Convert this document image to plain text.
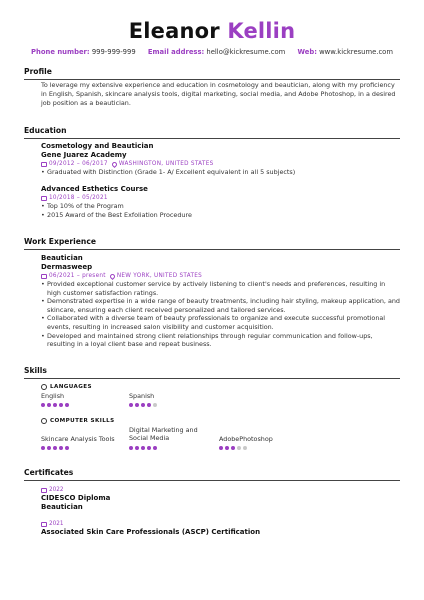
Eleanor Kellin
Phone number: 999-999-999 Email address: hello@kickresume.com Web: www.kickresume.com
Profile
To leverage my extensive experience and education in cosmetology and beautician, along with my proficiency in English, Spanish, skincare analysis tools, digital marketing, social media, and Adobe Photoshop, in a desired job position as a beautician.
Education
Cosmetology and Beautician
Gene Juarez Academy
09/2012 – 06/2017 WASHINGTON, UNITED STATES
• Graduated with Distinction (Grade 1- A/ Excellent equivalent in all 5 subjects)
Advanced Esthetics Course
10/2018 – 05/2021
• Top 10% of the Program
• 2015 Award of the Best Exfoliation Procedure
Work Experience
Beautician
Dermasweep
06/2021 – present NEW YORK, UNITED STATES
• Provided exceptional customer service by actively listening to client's needs and preferences, resulting in high customer satisfaction ratings.
• Demonstrated expertise in a wide range of beauty treatments, including hair styling, makeup application, and skincare, ensuring each client received personalized and tailored services.
• Collaborated with a diverse team of beauty professionals to organize and execute successful promotional events, resulting in increased salon visibility and customer acquisition.
• Developed and maintained strong client relationships through regular communication and follow-ups, resulting in a loyal client base and repeat business.
Skills
LANGUAGES
English	Spanish
COMPUTER SKILLS
Skincare Analysis Tools
Digital Marketing and Social Media	AdobePhotoshop
Certificates
2022
CIDESCO Diploma
Beautician
2021
Associated Skin Care Professionals (ASCP) Certification
